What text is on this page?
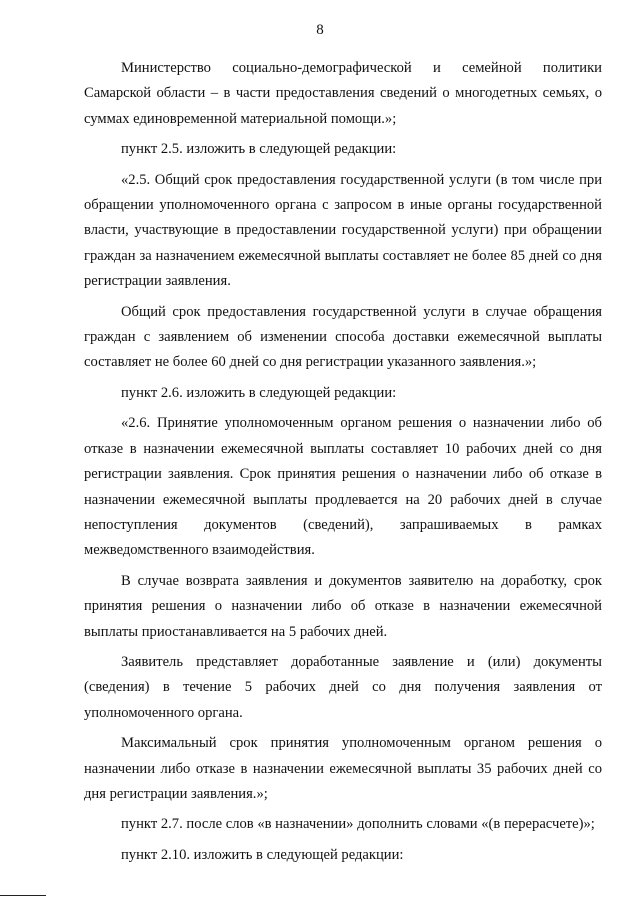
8

Министерство социально-демографической и семейной политики Самарской области – в части предоставления сведений о многодетных семьях, о суммах единовременной материальной помощи.»;

пункт 2.5. изложить в следующей редакции:

«2.5. Общий срок предоставления государственной услуги (в том числе при обращении уполномоченного органа с запросом в иные органы государственной власти, участвующие в предоставлении государственной услуги) при обращении граждан за назначением ежемесячной выплаты составляет не более 85 дней со дня регистрации заявления.

Общий срок предоставления государственной услуги в случае обращения граждан с заявлением об изменении способа доставки ежемесячной выплаты составляет не более 60 дней со дня регистрации указанного заявления.»;

пункт 2.6. изложить в следующей редакции:

«2.6. Принятие уполномоченным органом решения о назначении либо об отказе в назначении ежемесячной выплаты составляет 10 рабочих дней со дня регистрации заявления. Срок принятия решения о назначении либо об отказе в назначении ежемесячной выплаты продлевается на 20 рабочих дней в случае непоступления документов (сведений), запрашиваемых в рамках межведомственного взаимодействия.

В случае возврата заявления и документов заявителю на доработку, срок принятия решения о назначении либо об отказе в назначении ежемесячной выплаты приостанавливается на 5 рабочих дней.

Заявитель представляет доработанные заявление и (или) документы (сведения) в течение 5 рабочих дней со дня получения заявления от уполномоченного органа.

Максимальный срок принятия уполномоченным органом решения о назначении либо отказе в назначении ежемесячной выплаты 35 рабочих дней со дня регистрации заявления.»;

пункт 2.7. после слов «в назначении» дополнить словами «(в перерасчете)»;

пункт 2.10. изложить в следующей редакции:
